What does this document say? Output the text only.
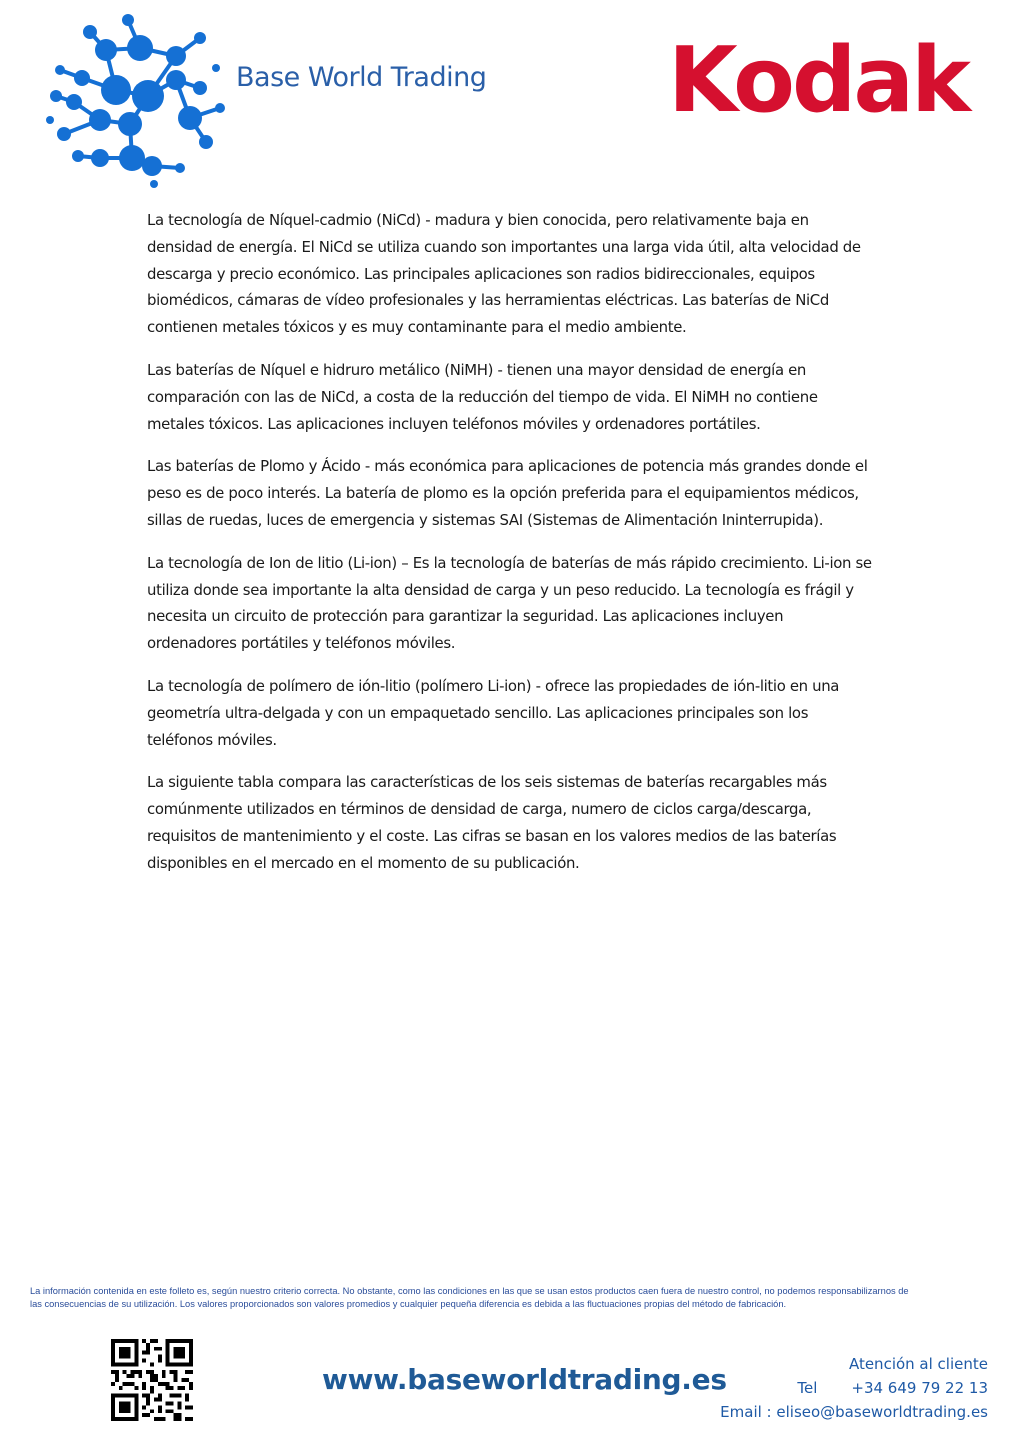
Base World Trading Kodak

La tecnología de Níquel-cadmio (NiCd) - madura y bien conocida, pero relativamente baja en densidad de energía. El NiCd se utiliza cuando son importantes una larga vida útil, alta velocidad de descarga y precio económico. Las principales aplicaciones son radios bidireccionales, equipos biomédicos, cámaras de vídeo profesionales y las herramientas eléctricas. Las baterías de NiCd contienen metales tóxicos y es muy contaminante para el medio ambiente.

Las baterías de Níquel e hidruro metálico (NiMH) - tienen una mayor densidad de energía en comparación con las de NiCd, a costa de la reducción del tiempo de vida. El NiMH no contiene metales tóxicos. Las aplicaciones incluyen teléfonos móviles y ordenadores portátiles.

Las baterías de Plomo y Ácido - más económica para aplicaciones de potencia más grandes donde el peso es de poco interés. La batería de plomo es la opción preferida para el equipamientos médicos, sillas de ruedas, luces de emergencia y sistemas SAI (Sistemas de Alimentación Ininterrupida).

La tecnología de Ion de litio (Li-ion) – Es la tecnología de baterías de más rápido crecimiento. Li-ion se utiliza donde sea importante la alta densidad de carga y un peso reducido. La tecnología es frágil y necesita un circuito de protección para garantizar la seguridad. Las aplicaciones incluyen ordenadores portátiles y teléfonos móviles.

La tecnología de polímero de ión-litio (polímero Li-ion) - ofrece las propiedades de ión-litio en una geometría ultra-delgada y con un empaquetado sencillo. Las aplicaciones principales son los teléfonos móviles.

La siguiente tabla compara las características de los seis sistemas de baterías recargables más comúnmente utilizados en términos de densidad de carga, numero de ciclos carga/descarga, requisitos de mantenimiento y el coste. Las cifras se basan en los valores medios de las baterías disponibles en el mercado en el momento de su publicación.

La información contenida en este folleto es, según nuestro criterio correcta. No obstante, como las condiciones en las que se usan estos productos caen fuera de nuestro control, no podemos responsabilizarnos de
las consecuencias de su utilización. Los valores proporcionados son valores promedios y cualquier pequeña diferencia es debida a las fluctuaciones propias del método de fabricación.
www.baseworldtrading.es	Atención al cliente
Tel +34 649 79 22 13
Email : eliseo@baseworldtrading.es
